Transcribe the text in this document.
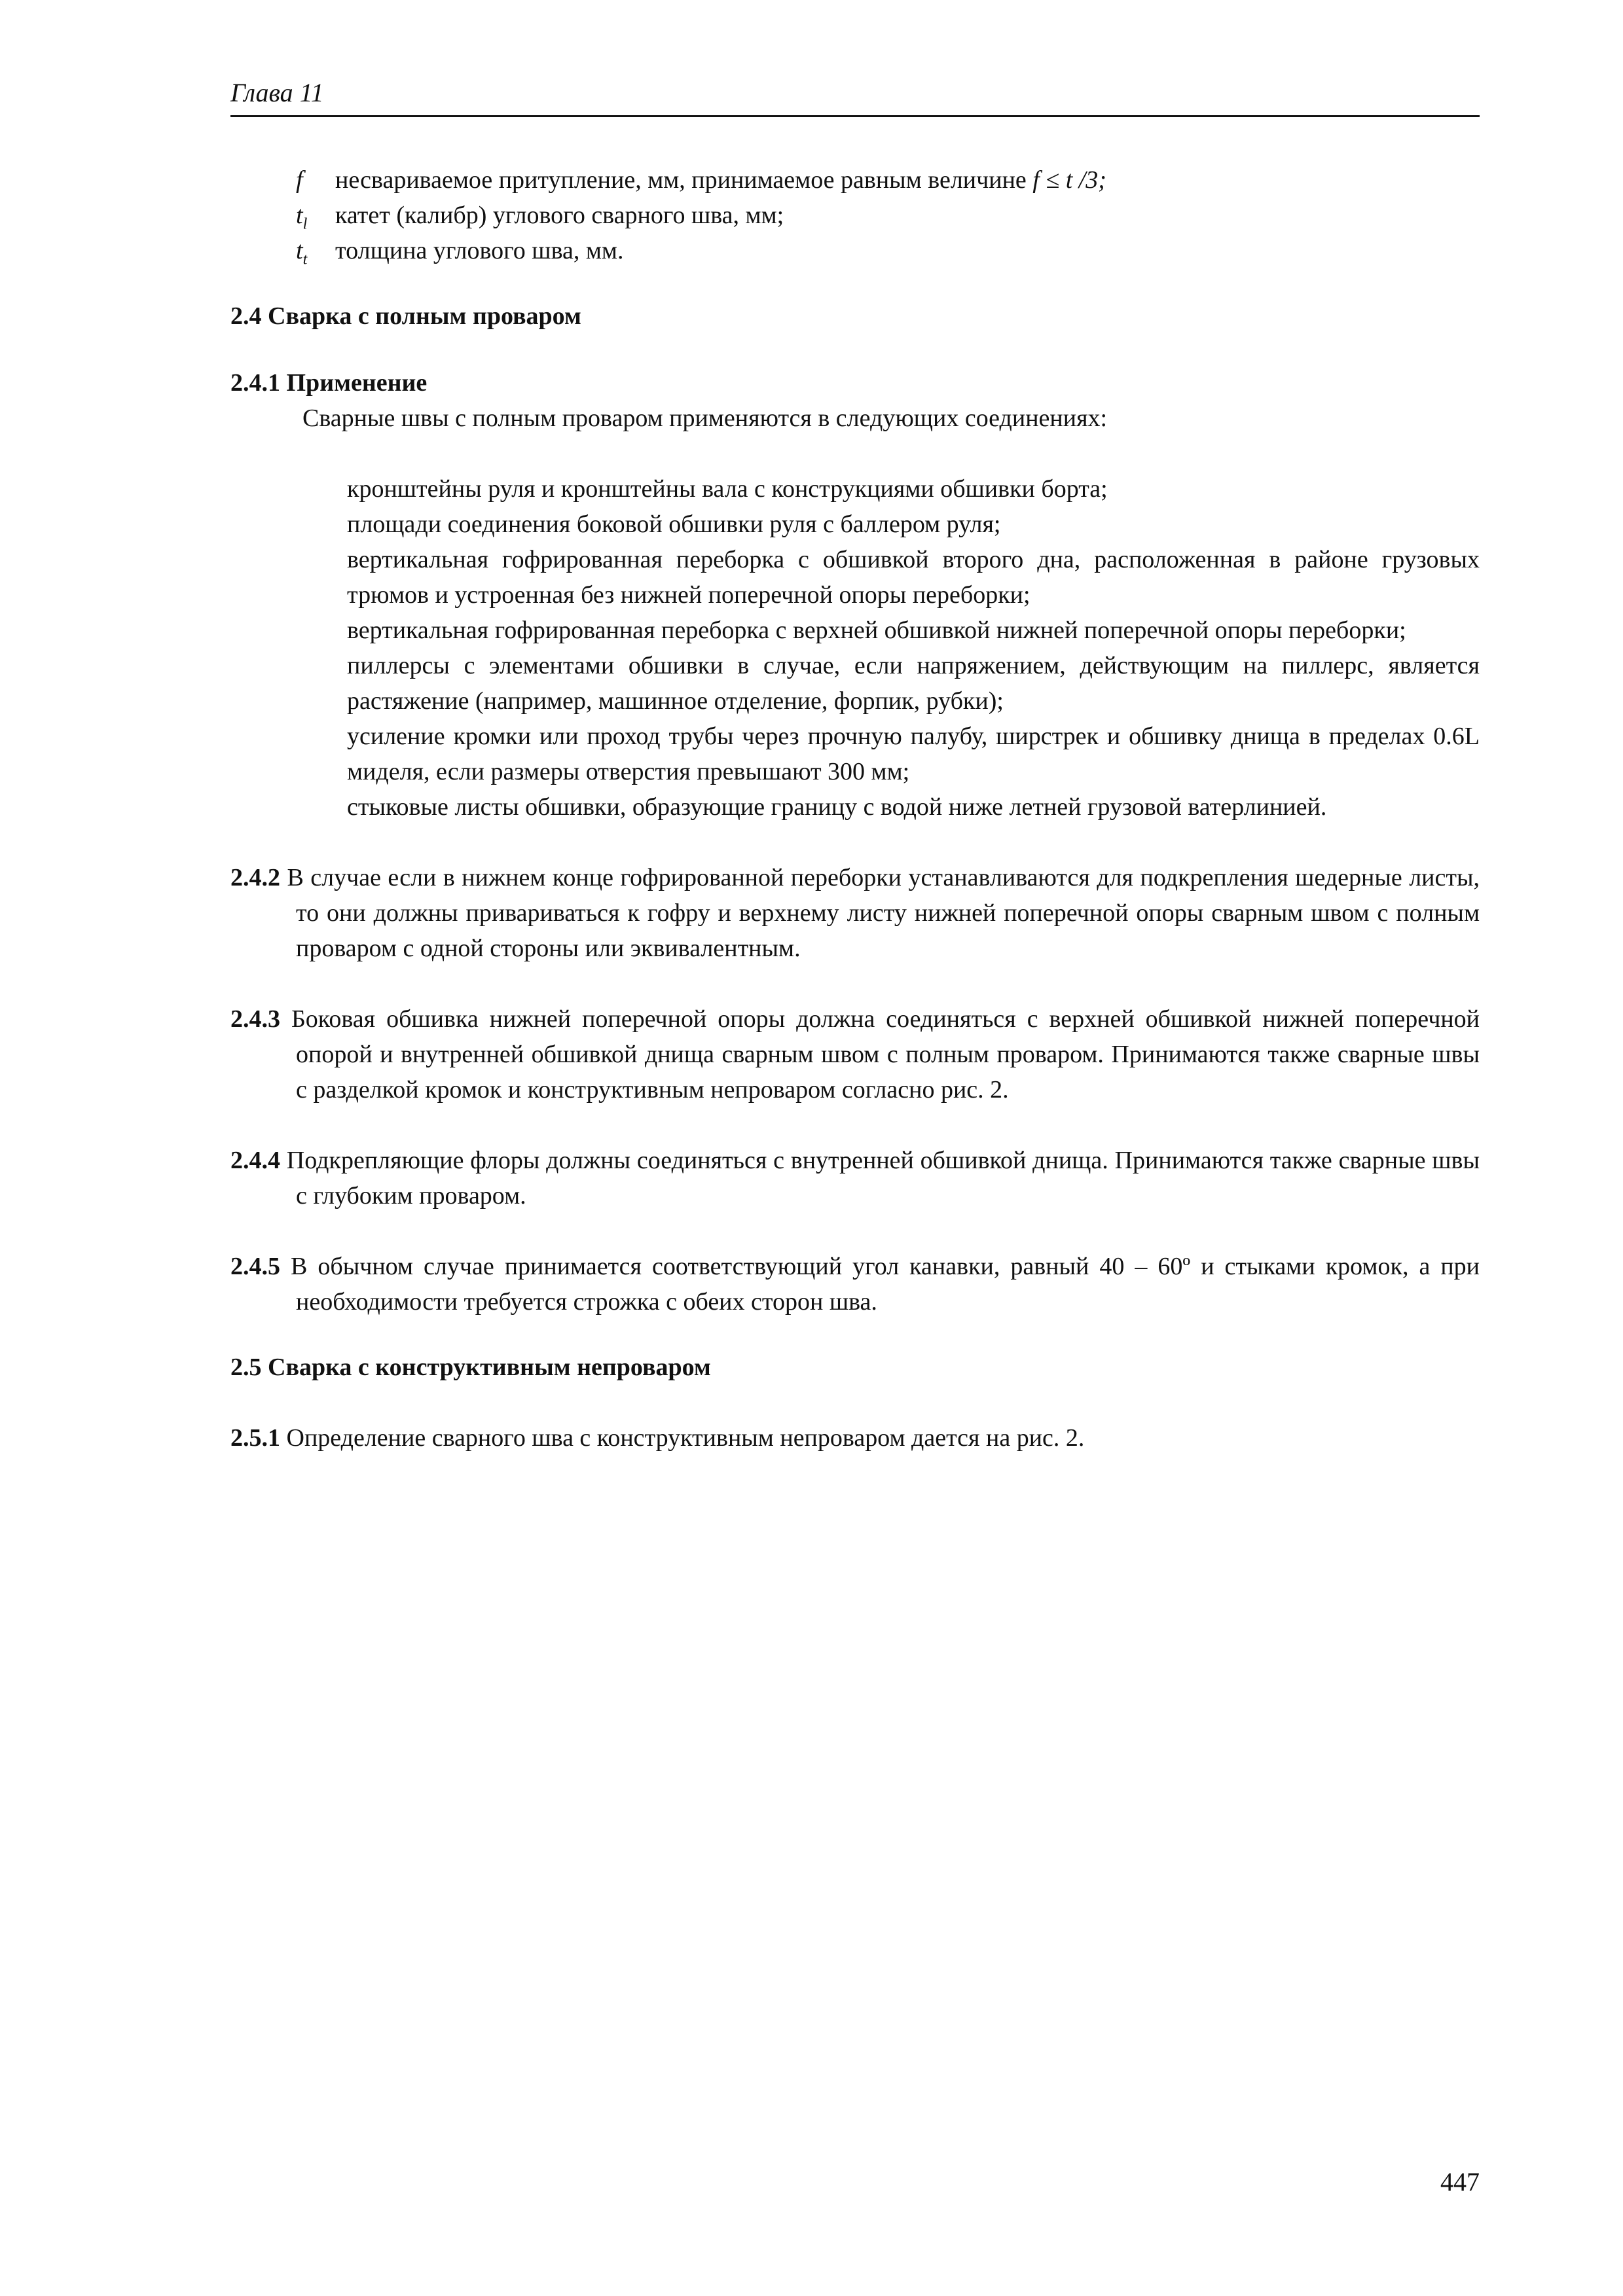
Глава 11
f несвариваемое притупление, мм, принимаемое равным величине f ≤ t /3;
$t_l$ катет (калибр) углового сварного шва, мм;
$t_t$ толщина углового шва, мм.
2.4 Сварка с полным проваром
2.4.1 Применение
Сварные швы с полным проваром применяются в следующих соединениях:
кронштейны руля и кронштейны вала с конструкциями обшивки борта;
площади соединения боковой обшивки руля с баллером руля;
вертикальная гофрированная переборка с обшивкой второго дна, расположенная в районе грузовых трюмов и устроенная без нижней поперечной опоры переборки;
вертикальная гофрированная переборка с верхней обшивкой нижней поперечной опоры переборки;
пиллерсы с элементами обшивки в случае, если напряжением, действующим на пиллерс, является растяжение (например, машинное отделение, форпик, рубки);
усиление кромки или проход трубы через прочную палубу, ширстрек и обшивку днища в пределах 0.6L миделя, если размеры отверстия превышают 300 мм;
стыковые листы обшивки, образующие границу с водой ниже летней грузовой ватерлинией.
2.4.2 В случае если в нижнем конце гофрированной переборки устанавливаются для подкрепления шедерные листы, то они должны привариваться к гофру и верхнему листу нижней поперечной опоры сварным швом с полным проваром с одной стороны или эквивалентным.
2.4.3 Боковая обшивка нижней поперечной опоры должна соединяться с верхней обшивкой нижней поперечной опорой и внутренней обшивкой днища сварным швом с полным проваром. Принимаются также сварные швы с разделкой кромок и конструктивным непроваром согласно рис. 2.
2.4.4 Подкрепляющие флоры должны соединяться с внутренней обшивкой днища. Принимаются также сварные швы с глубоким проваром.
2.4.5 В обычном случае принимается соответствующий угол канавки, равный 40 – 60º и стыками кромок, а при необходимости требуется строжка с обеих сторон шва.
2.5 Сварка с конструктивным непроваром
2.5.1 Определение сварного шва с конструктивным непроваром дается на рис. 2.
447
